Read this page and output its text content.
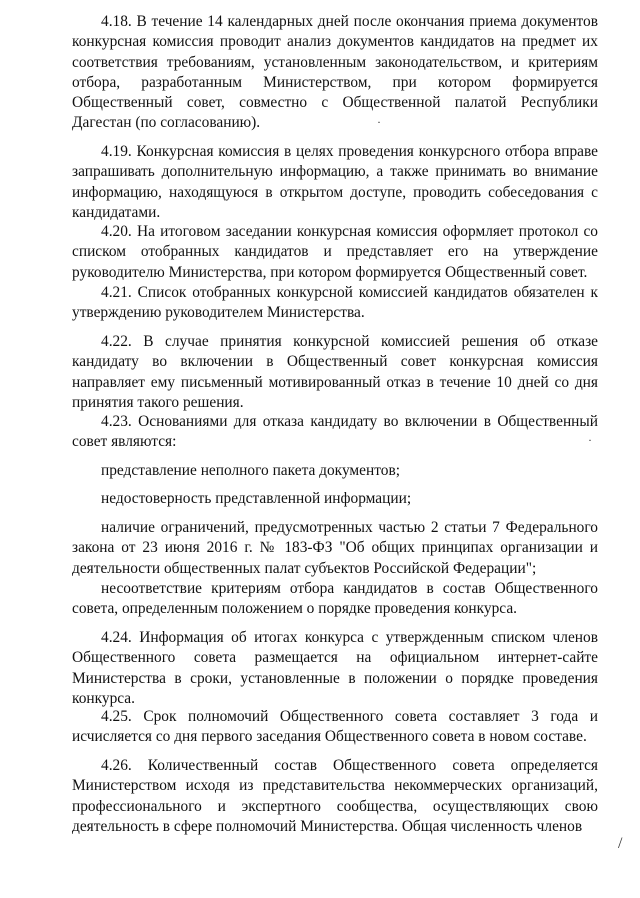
4.18. В течение 14 календарных дней после окончания приема документов конкурсная комиссия проводит анализ документов кандидатов на предмет их соответствия требованиям, установленным законодательством, и критериям отбора, разработанным Министерством, при котором формируется Общественный совет, совместно с Общественной палатой Республики Дагестан (по согласованию).

4.19. Конкурсная комиссия в целях проведения конкурсного отбора вправе запрашивать дополнительную информацию, а также принимать во внимание информацию, находящуюся в открытом доступе, проводить собеседования с кандидатами.

4.20. На итоговом заседании конкурсная комиссия оформляет протокол со списком отобранных кандидатов и представляет его на утверждение руководителю Министерства, при котором формируется Общественный совет.

4.21. Список отобранных конкурсной комиссией кандидатов обязателен к утверждению руководителем Министерства.

4.22. В случае принятия конкурсной комиссией решения об отказе кандидату во включении в Общественный совет конкурсная комиссия направляет ему письменный мотивированный отказ в течение 10 дней со дня принятия такого решения.

4.23. Основаниями для отказа кандидату во включении в Общественный совет являются:

представление неполного пакета документов;

недостоверность представленной информации;

наличие ограничений, предусмотренных частью 2 статьи 7 Федерального закона от 23 июня 2016 г. № 183-ФЗ "Об общих принципах организации и деятельности общественных палат субъектов Российской Федерации";

несоответствие критериям отбора кандидатов в состав Общественного совета, определенным положением о порядке проведения конкурса.

4.24. Информация об итогах конкурса с утвержденным списком членов Общественного совета размещается на официальном интернет-сайте Министерства в сроки, установленные в положении о порядке проведения конкурса.

4.25. Срок полномочий Общественного совета составляет 3 года и исчисляется со дня первого заседания Общественного совета в новом составе.

4.26. Количественный состав Общественного совета определяется Министерством исходя из представительства некоммерческих организаций, профессионального и экспертного сообщества, осуществляющих свою деятельность в сфере полномочий Министерства. Общая численность членов

·
·
/
